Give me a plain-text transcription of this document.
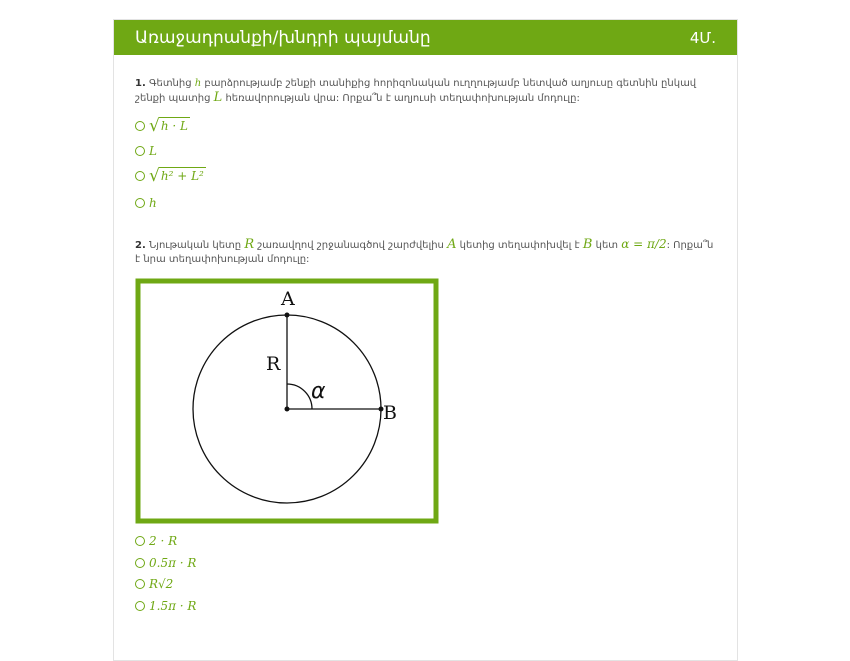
Առաջադրանքի/խնդրի պայմանը	4Մ.
1. Գետնից h բարձրությամբ շենքի տանիքից հորիզոնական ուղղությամբ նետված աղյուսը գետնին ընկավ շենքի պատից L հեռավորության վրա: Որքա՞ն է աղյուսի տեղափոխության մոդուլը:
√ h · L
L
√ h² + L²
h
2. Նյութական կետը R շառավղով շրջանագծով շարժվելիս A կետից տեղափոխվել է B կետ α = π/2: Որքա՞ն է նրա տեղափոխության մոդուլը:
A
B
R
α
2 · R
0.5π · R
R√2
1.5π · R
